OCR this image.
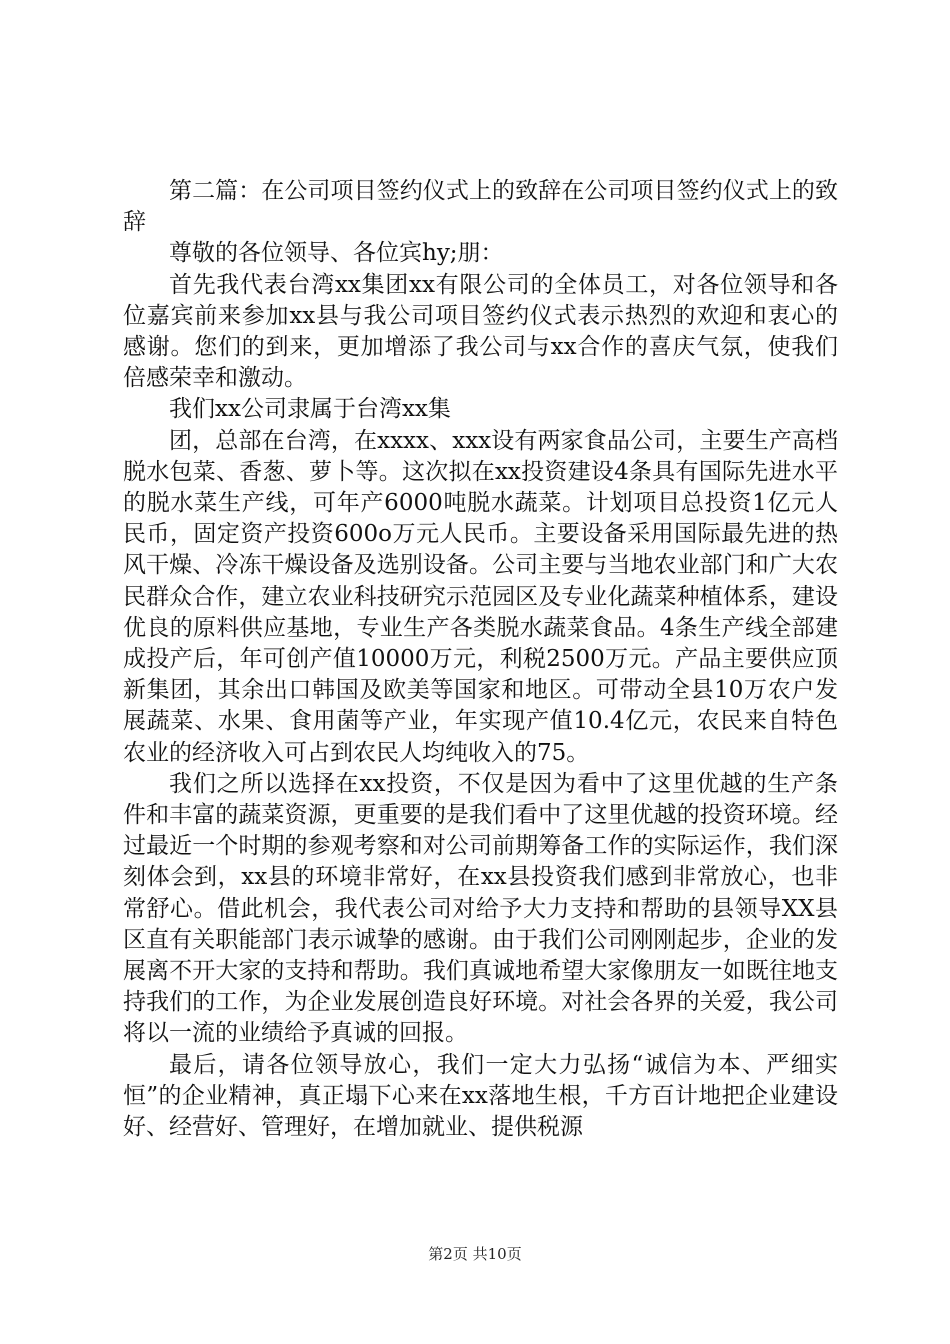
第二篇：在公司项目签约仪式上的致辞在公司项目签约仪式上的致辞

尊敬的各位领导、各位宾hy;朋：

首先我代表台湾xx集团xx有限公司的全体员工，对各位领导和各位嘉宾前来参加xx县与我公司项目签约仪式表示热烈的欢迎和衷心的感谢。您们的到来，更加增添了我公司与xx合作的喜庆气氛，使我们倍感荣幸和激动。

我们xx公司隶属于台湾xx集

团，总部在台湾，在xxxx、xxx设有两家食品公司，主要生产高档脱水包菜、香葱、萝卜等。这次拟在xx投资建设4条具有国际先进水平的脱水菜生产线，可年产6000吨脱水蔬菜。计划项目总投资1亿元人民币，固定资产投资600o万元人民币。主要设备采用国际最先进的热风干燥、冷冻干燥设备及选别设备。公司主要与当地农业部门和广大农民群众合作，建立农业科技研究示范园区及专业化蔬菜种植体系，建设优良的原料供应基地，专业生产各类脱水蔬菜食品。4条生产线全部建成投产后，年可创产值10000万元，利税2500万元。产品主要供应顶新集团，其余出口韩国及欧美等国家和地区。可带动全县10万农户发展蔬菜、水果、食用菌等产业，年实现产值10.4亿元，农民来自特色农业的经济收入可占到农民人均纯收入的75。

我们之所以选择在xx投资，不仅是因为看中了这里优越的生产条件和丰富的蔬菜资源，更重要的是我们看中了这里优越的投资环境。经过最近一个时期的参观考察和对公司前期筹备工作的实际运作，我们深刻体会到，xx县的环境非常好，在xx县投资我们感到非常放心，也非常舒心。借此机会，我代表公司对给予大力支持和帮助的县领导XX县区直有关职能部门表示诚挚的感谢。由于我们公司刚刚起步，企业的发展离不开大家的支持和帮助。我们真诚地希望大家像朋友一如既往地支持我们的工作，为企业发展创造良好环境。对社会各界的关爱，我公司将以一流的业绩给予真诚的回报。

最后，请各位领导放心，我们一定大力弘扬“诚信为本、严细实恒”的企业精神，真正塌下心来在xx落地生根，千方百计地把企业建设好、经营好、管理好，在增加就业、提供税源

第2页 共10页
